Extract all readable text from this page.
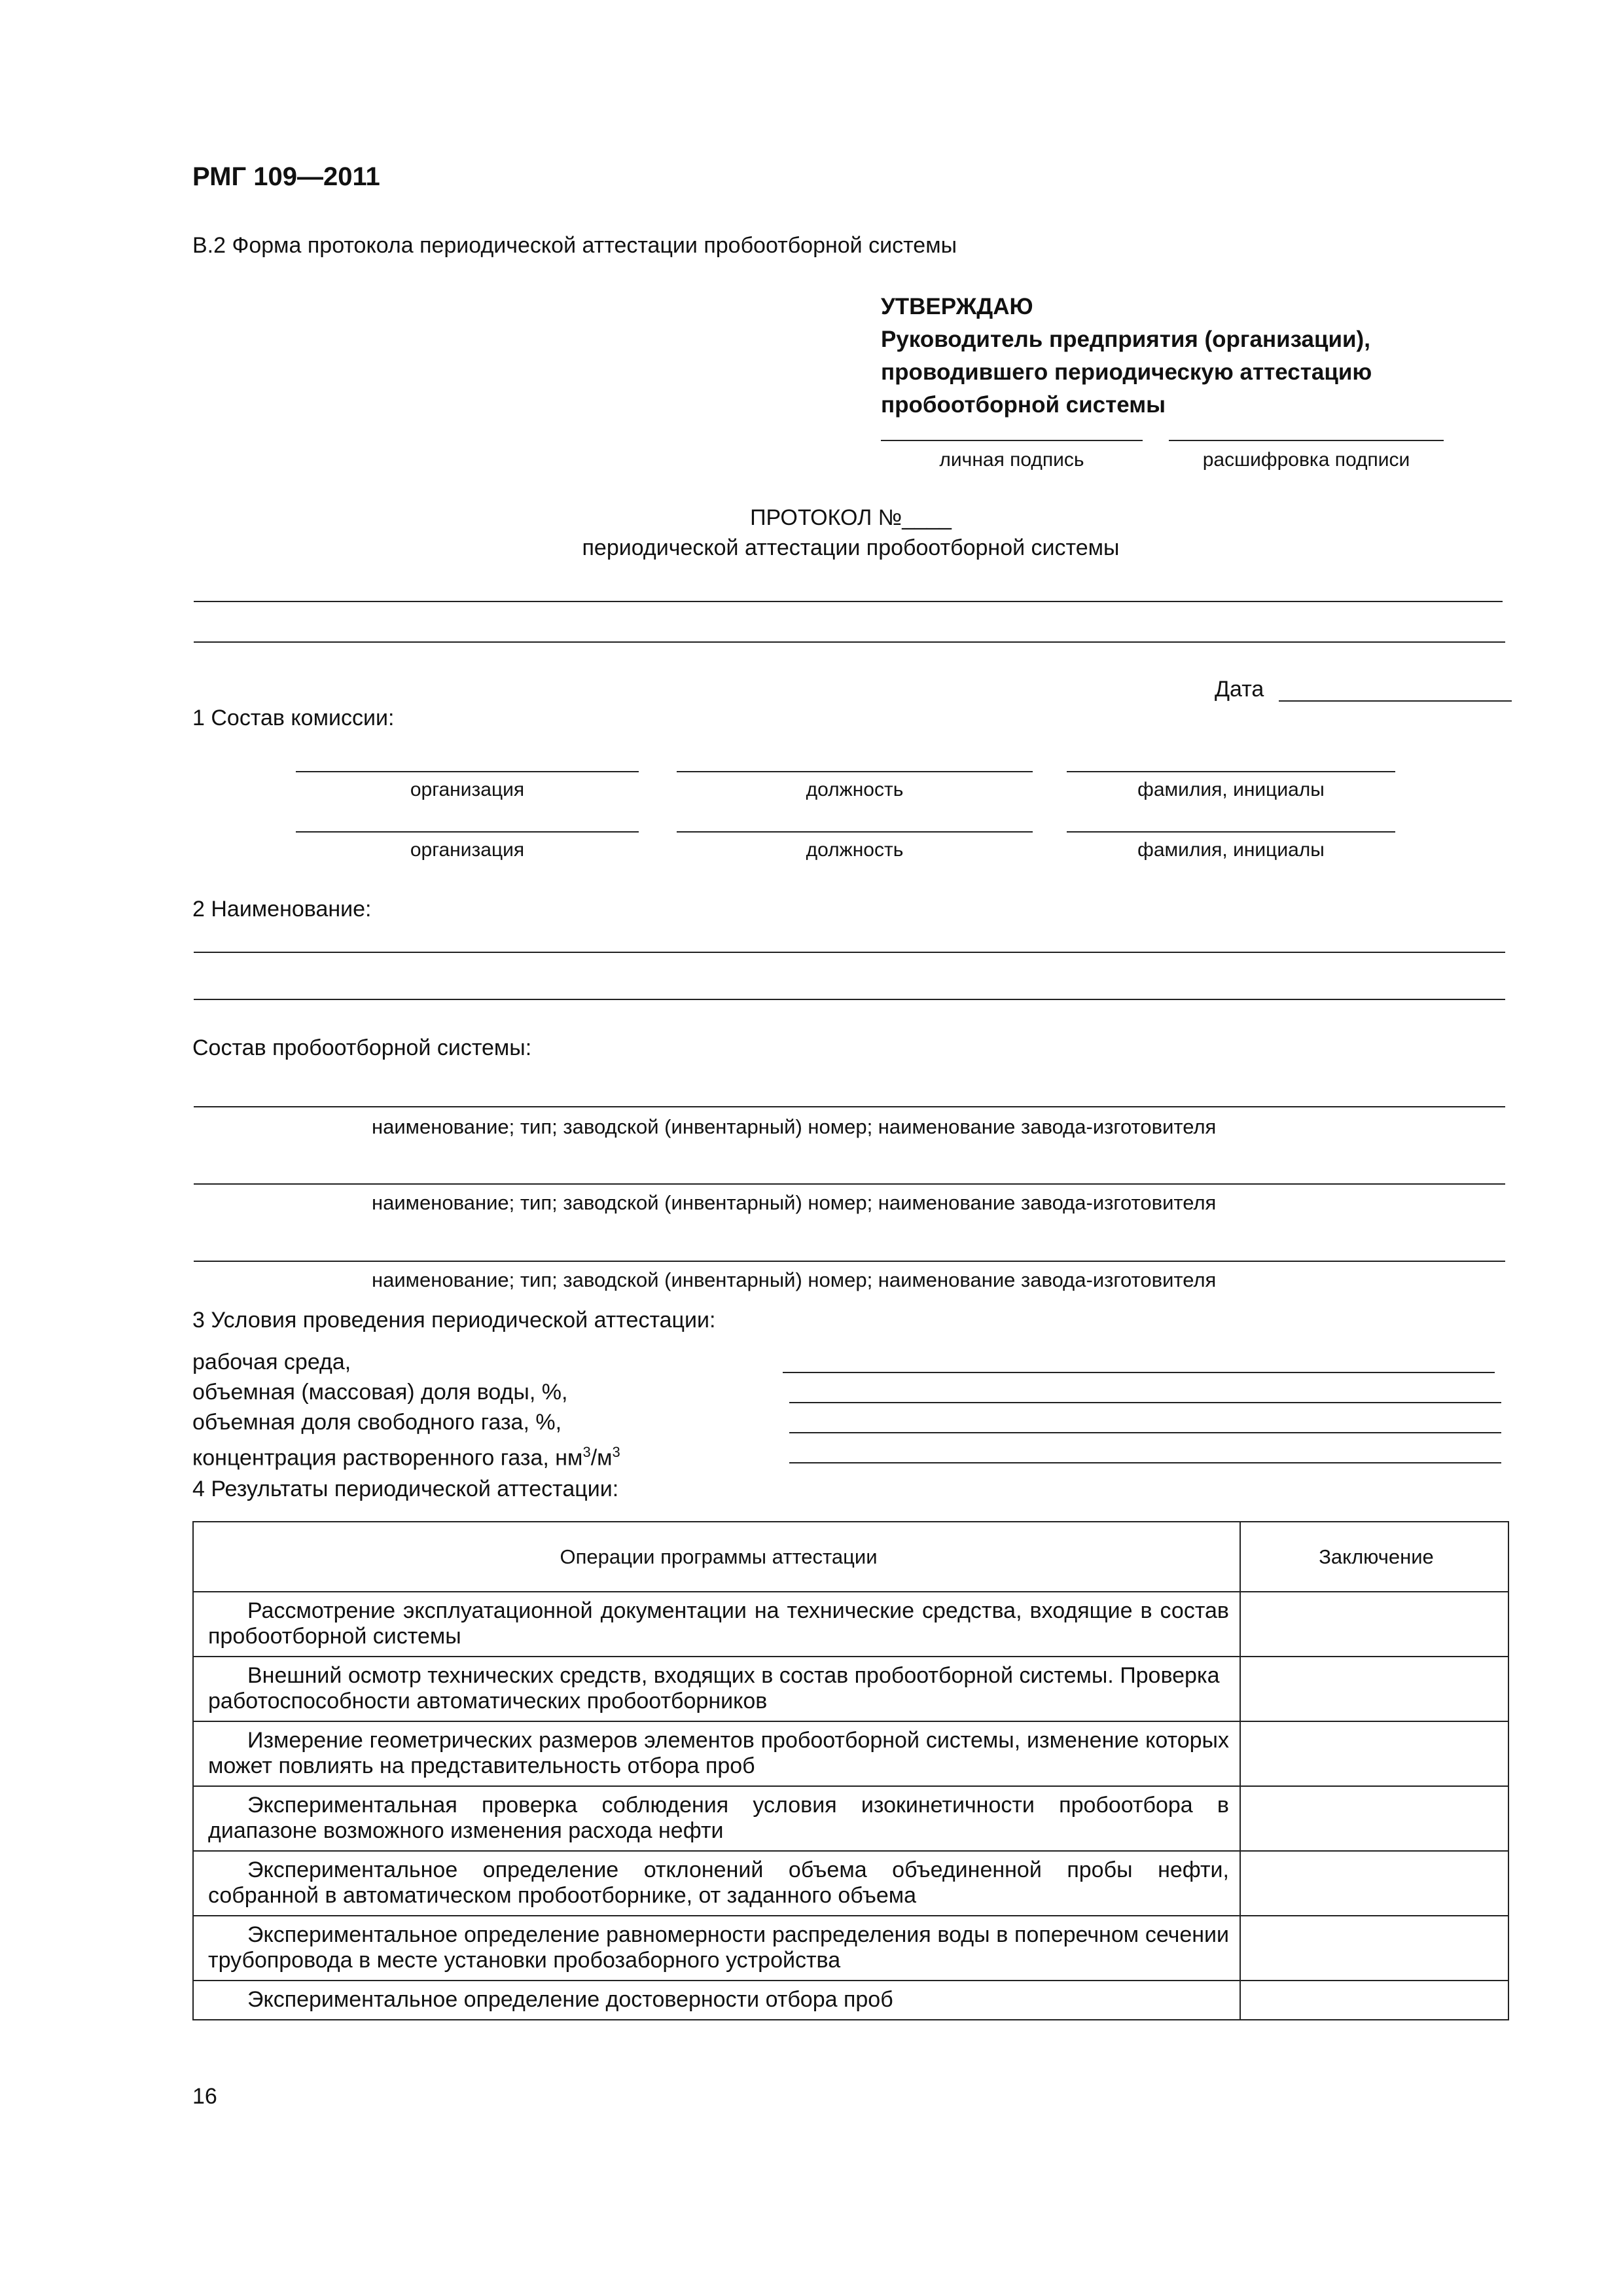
РМГ 109—2011
В.2 Форма протокола периодической аттестации пробоотборной системы
УТВЕРЖДАЮ
Руководитель предприятия (организации),
проводившего периодическую аттестацию
пробоотборной системы
личная подпись	расшифровка подписи
ПРОТОКОЛ №____
периодической аттестации пробоотборной системы
Дата
1 Состав комиссии:
организация	должность	фамилия, инициалы
организация	должность	фамилия, инициалы
2 Наименование:
Состав пробоотборной системы:
наименование; тип; заводской (инвентарный) номер; наименование завода-изготовителя
наименование; тип; заводской (инвентарный) номер; наименование завода-изготовителя
наименование; тип; заводской (инвентарный) номер; наименование завода-изготовителя
3 Условия проведения периодической аттестации:
рабочая среда,
объемная (массовая) доля воды, %,
объемная доля свободного газа, %,
концентрация растворенного газа, $нм^3/м^3$
4 Результаты периодической аттестации:
Операции программы аттестации	Заключение
Рассмотрение эксплуатационной документации на технические средства, входящие в состав пробоотборной системы	
Внешний осмотр технических средств, входящих в состав пробоотборной системы. Проверка работоспособности автоматических пробоотборников	
Измерение геометрических размеров элементов пробоотборной системы, изменение которых может повлиять на представительность отбора проб	
Экспериментальная проверка соблюдения условия изокинетичности пробоотбора в диапазоне возможного изменения расхода нефти	
Экспериментальное определение отклонений объема объединенной пробы нефти, собранной в автоматическом пробоотборнике, от заданного объема	
Экспериментальное определение равномерности распределения воды в поперечном сечении трубопровода в месте установки пробозаборного устройства	
Экспериментальное определение достоверности отбора проб	
16
